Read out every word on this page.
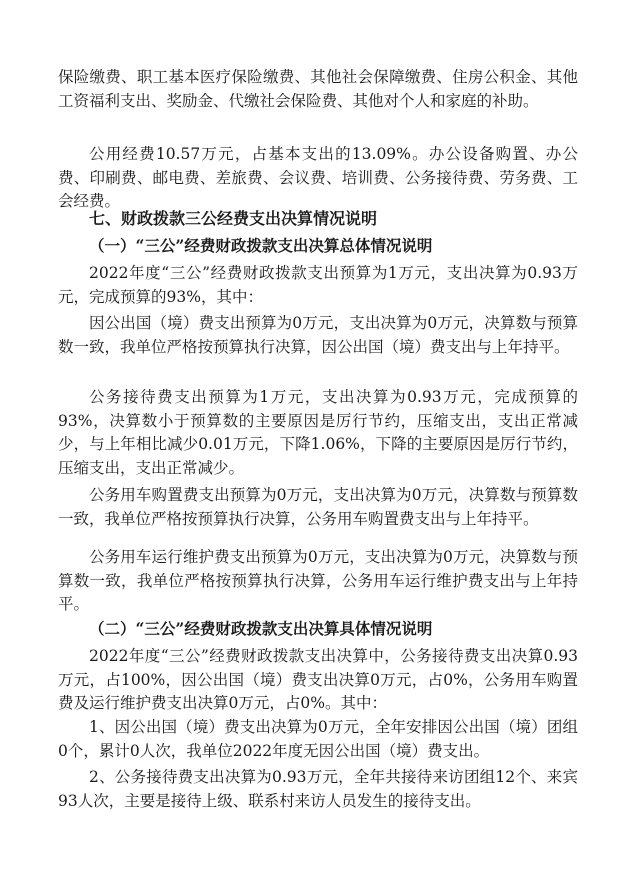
保险缴费、职工基本医疗保险缴费、其他社会保障缴费、住房公积金、其他工资福利支出、奖励金、代缴社会保险费、其他对个人和家庭的补助。

公用经费10.57万元，占基本支出的13.09%。办公设备购置、办公费、印刷费、邮电费、差旅费、会议费、培训费、公务接待费、劳务费、工会经费。

七、财政拨款三公经费支出决算情况说明
（一）“三公”经费财政拨款支出决算总体情况说明

2022年度“三公”经费财政拨款支出预算为1万元，支出决算为0.93万元，完成预算的93%，其中：

因公出国（境）费支出预算为0万元，支出决算为0万元，决算数与预算数一致，我单位严格按预算执行决算，因公出国（境）费支出与上年持平。

公务接待费支出预算为1万元，支出决算为0.93万元，完成预算的93%，决算数小于预算数的主要原因是厉行节约，压缩支出，支出正常减少，与上年相比减少0.01万元，下降1.06%，下降的主要原因是厉行节约，压缩支出，支出正常减少。

公务用车购置费支出预算为0万元，支出决算为0万元，决算数与预算数一致，我单位严格按预算执行决算，公务用车购置费支出与上年持平。

公务用车运行维护费支出预算为0万元，支出决算为0万元，决算数与预算数一致，我单位严格按预算执行决算，公务用车运行维护费支出与上年持平。

（二）“三公”经费财政拨款支出决算具体情况说明

2022年度“三公”经费财政拨款支出决算中，公务接待费支出决算0.93万元，占100%，因公出国（境）费支出决算0万元，占0%，公务用车购置费及运行维护费支出决算0万元，占0%。其中：

1、因公出国（境）费支出决算为0万元，全年安排因公出国（境）团组0个，累计0人次，我单位2022年度无因公出国（境）费支出。

2、公务接待费支出决算为0.93万元，全年共接待来访团组12个、来宾93人次，主要是接待上级、联系村来访人员发生的接待支出。
